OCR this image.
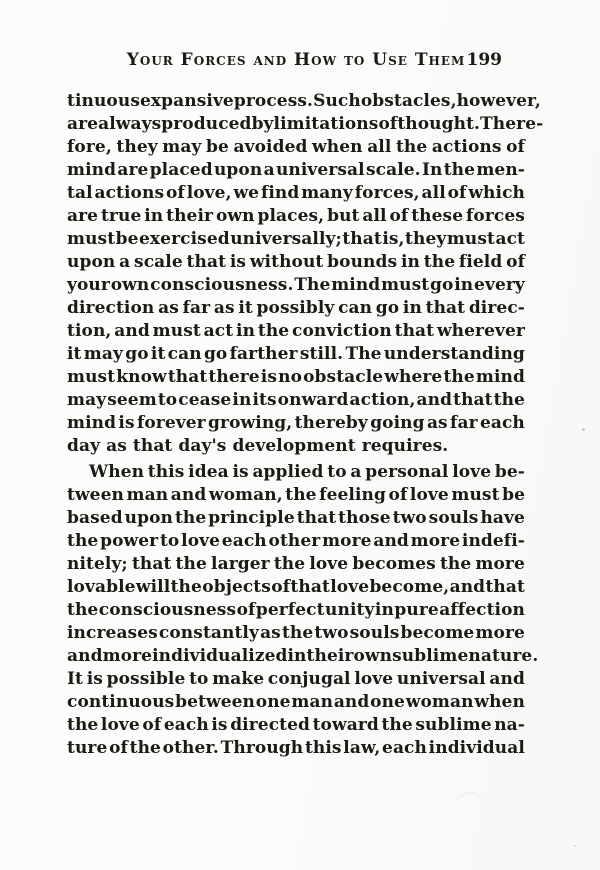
Your Forces and How to Use Them 199
tinuous expansive process. Such obstacles, however,
are always produced by limitations of thought. There-
fore, they may be avoided when all the actions of
mind are placed upon a universal scale. In the men-
tal actions of love, we find many forces, all of which
are true in their own places, but all of these forces
must be exercised universally; that is, they must act
upon a scale that is without bounds in the field of
your own consciousness. The mind must go in every
direction as far as it possibly can go in that direc-
tion, and must act in the conviction that wherever
it may go it can go farther still. The understanding
must know that there is no obstacle where the mind
may seem to cease in its onward action, and that the
mind is forever growing, thereby going as far each
day as that day's development requires.
When this idea is applied to a personal love be-
tween man and woman, the feeling of love must be
based upon the principle that those two souls have
the power to love each other more and more indefi-
nitely; that the larger the love becomes the more
lovable will the objects of that love become, and that
the consciousness of perfect unity in pure affection
increases constantly as the two souls become more
and more individualized in their own sublime nature.
It is possible to make conjugal love universal and
continuous between one man and one woman when
the love of each is directed toward the sublime na-
ture of the other. Through this law, each individual
